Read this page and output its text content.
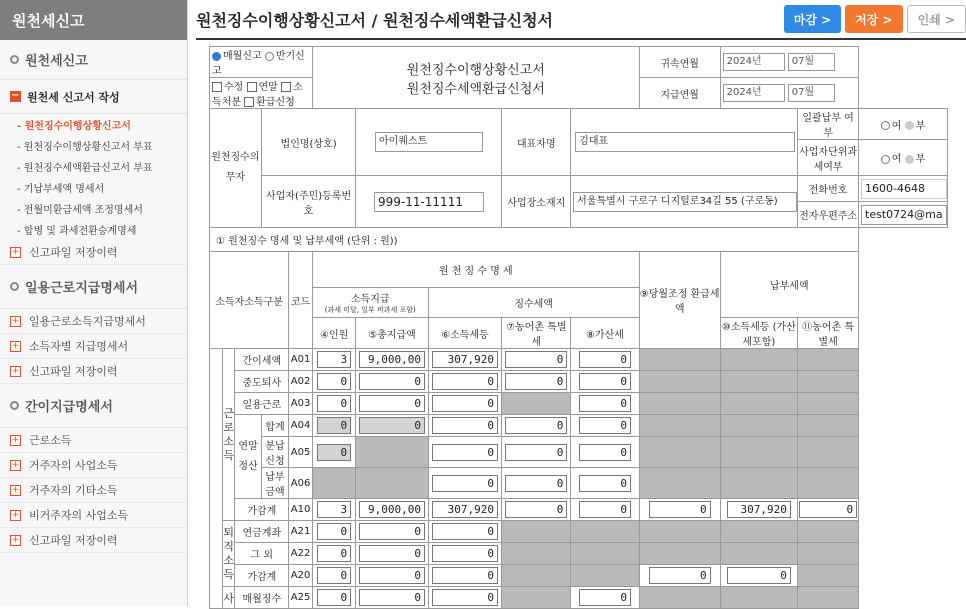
원천세신고
원천세신고
− 원천세 신고서 작성
- 원천징수이행상황신고서
- 원천징수이행상황신고서 부표
- 원천징수세액환급신고서 부표
- 기납부세액 명세서
- 전월미환급세액 조정명세서
- 합병 및 과세전환승계명세
+ 신고파일 저장이력
일용근로지급명세서
+ 일용근로소득지급명세서
+ 소득자별 지급명세서
+ 신고파일 저장이력
간이지급명세서
+ 근로소득
+ 거주자의 사업소득
+ 거주자의 기타소득
+ 비거주자의 사업소득
+ 신고파일 저장이력
원천징수이행상황신고서 / 원천징수세액환급신청서	마감 >	저장 >	인쇄 >
매월신고 반기신고					원천징수이행상황신고서
원천징수세액환급신청서					귀속연월	2024년 07월		
수정 연말 소득처분 환급신청										지급연월	2024년 07월		
원천징수의무자			법인명(상호)			아이퀘스트		대표자명	김대표			일괄납부 여부	여 부
												사업자단위과세여부	여 부
			사업자(주민)등록번호			999-11-11111		사업장소재지	서울특별시 구로구 디지털로34길 55 (구로동)			전화번호	1600-4648
												전자우편주소	test0724@ma
① 원천징수 명세 및 납부세액 (단위 : 원))													
소득자소득구분				코드	원 천 징 수 명 세					⑨당월조정 환급세액	납부세액		

					소득지급
(과세 미달, 일부 비과세 포함)		징수세액						
					④인원	⑤총지급액	⑥소득세등	⑦농어촌 특별세	⑧가산세		⑩소득세등 (가산세포함)	⑪농어촌 특별세	
	근로소득	간이세액		A01	3	9,000,00	307,920	0	0				
		중도퇴사		A02	0	0	0	0	0				
		일용근로		A03	0	0	0		0				
		연말정산	합계	A04	0	0	0	0	0				
			분납신청	A05	0		0	0	0				
			납부금액	A06			0	0	0				
		가감계		A10	3	9,000,00	307,920	0	0	0	307,920	0	
	퇴직소득	연금계좌		A21	0	0	0						
		그 외		A22	0	0	0						
		가감계		A20	0	0	0			0	0		
	사	매월징수		A25	0	0	0		0				
